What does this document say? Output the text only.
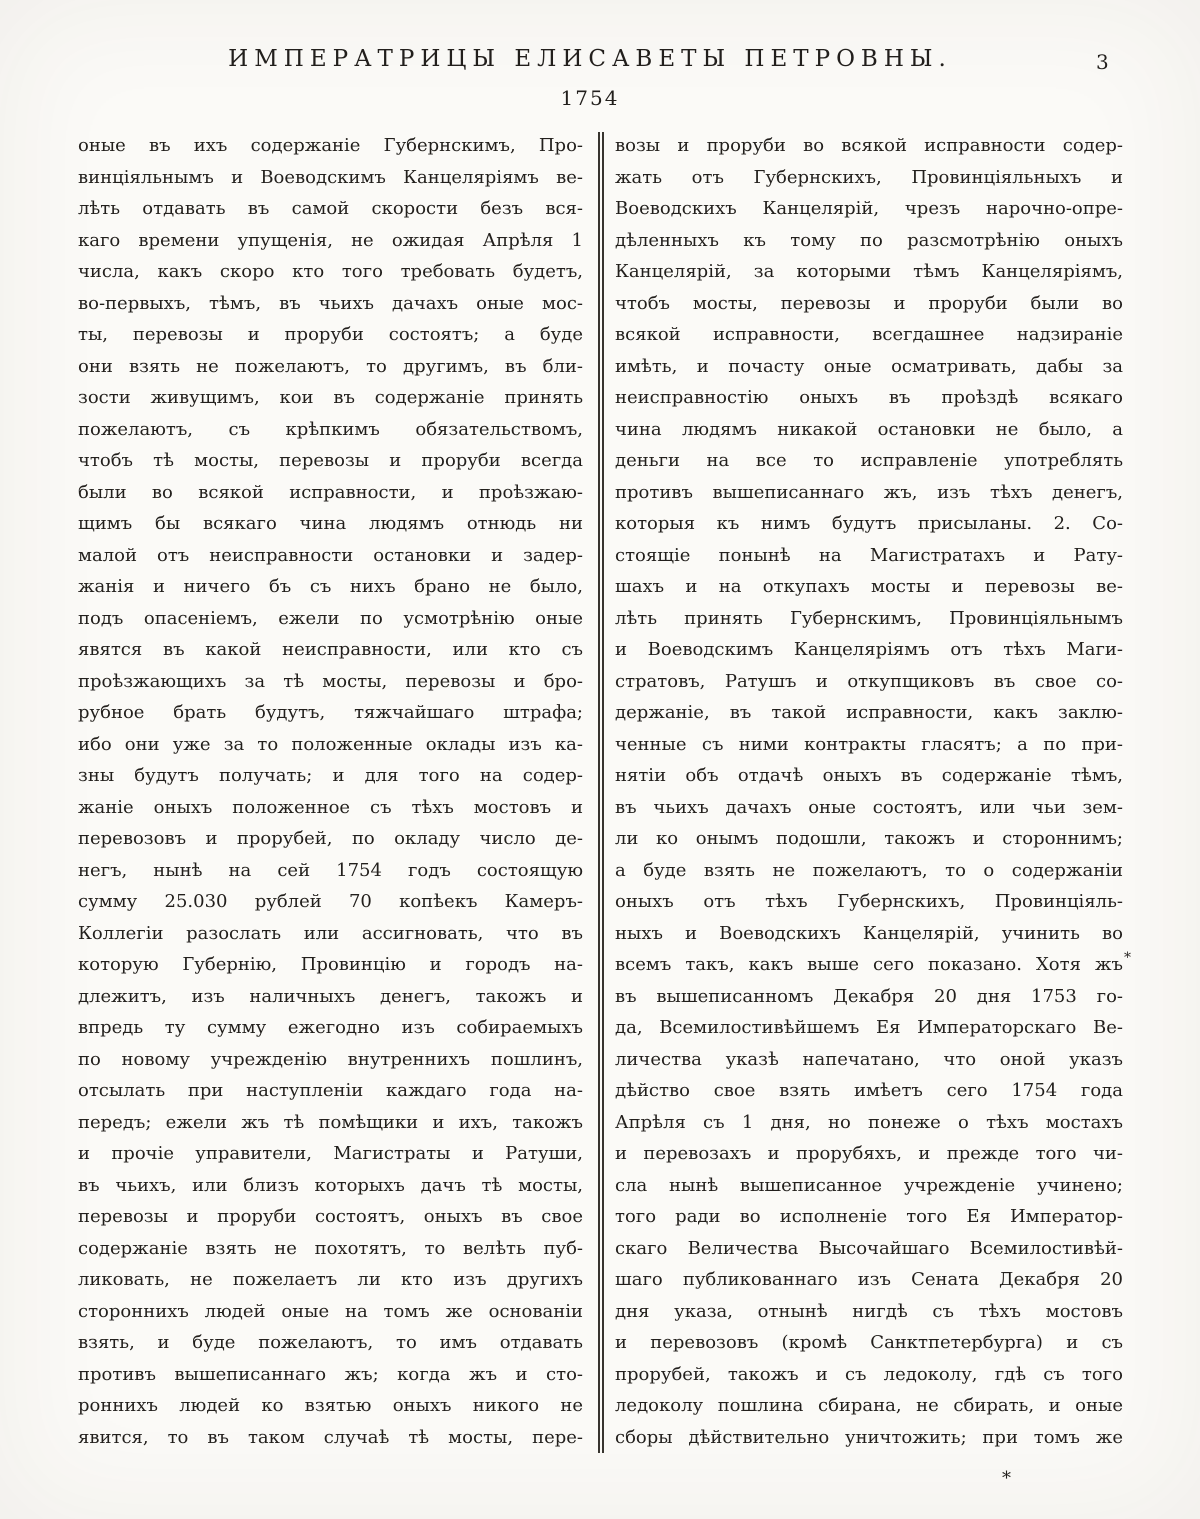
ИМПЕРАТРИЦЫ ЕЛИСАВЕТЫ ПЕТРОВНЫ.	3
1754
оные въ ихъ содержаніе Губернскимъ, Про-
винціяльнымъ и Воеводскимъ Канцеляріямъ ве-
лѣть отдавать въ самой скорости безъ вся-
каго времени упущенія, не ожидая Апрѣля 1
числа, какъ скоро кто того требовать будетъ,
во-первыхъ, тѣмъ, въ чьихъ дачахъ оные мос-
ты, перевозы и проруби состоятъ; а буде
они взять не пожелаютъ, то другимъ, въ бли-
зости живущимъ, кои въ содержаніе принять
пожелаютъ, съ крѣпкимъ обязательствомъ,
чтобъ тѣ мосты, перевозы и проруби всегда
были во всякой исправности, и проѣзжаю-
щимъ бы всякаго чина людямъ отнюдь ни
малой отъ неисправности остановки и задер-
жанія и ничего бъ съ нихъ брано не было,
подъ опасеніемъ, ежели по усмотрѣнію оные
явятся въ какой неисправности, или кто съ
проѣзжающихъ за тѣ мосты, перевозы и бро-
рубное брать будутъ, тяжчайшаго штрафа;
ибо они уже за то положенные оклады изъ ка-
зны будутъ получать; и для того на содер-
жаніе оныхъ положенное съ тѣхъ мостовъ и
перевозовъ и прорубей, по окладу число де-
негъ, нынѣ на сей 1754 годъ состоящую
сумму 25.030 рублей 70 копѣекъ Камеръ-
Коллегіи разослать или ассигновать, что въ
которую Губернію, Провинцію и городъ на-
длежитъ, изъ наличныхъ денегъ, такожъ и
впредь ту сумму ежегодно изъ собираемыхъ
по новому учрежденію внутреннихъ пошлинъ,
отсылать при наступленіи каждаго года на-
передъ; ежели жъ тѣ помѣщики и ихъ, такожъ
и прочіе управители, Магистраты и Ратуши,
въ чьихъ, или близъ которыхъ дачъ тѣ мосты,
перевозы и проруби состоятъ, оныхъ въ свое
содержаніе взять не похотятъ, то велѣть пуб-
ликовать, не пожелаетъ ли кто изъ другихъ
стороннихъ людей оные на томъ же основаніи
взять, и буде пожелаютъ, то имъ отдавать
противъ вышеписаннаго жъ; когда жъ и сто-
роннихъ людей ко взятью оныхъ никого не
явится, то въ таком случаѣ тѣ мосты, пере-
возы и проруби во всякой исправности содер-
жать отъ Губернскихъ, Провинціяльныхъ и
Воеводскихъ Канцелярій, чрезъ нарочно-опре-
дѣленныхъ къ тому по разсмотрѣнію оныхъ
Канцелярій, за которыми тѣмъ Канцеляріямъ,
чтобъ мосты, перевозы и проруби были во
всякой исправности, всегдашнее надзираніе
имѣть, и почасту оные осматривать, дабы за
неисправностію оныхъ въ проѣздѣ всякаго
чина людямъ никакой остановки не было, а
деньги на все то исправленіе употреблять
противъ вышеписаннаго жъ, изъ тѣхъ денегъ,
которыя къ нимъ будутъ присыланы. 2. Со-
стоящіе понынѣ на Магистратахъ и Рату-
шахъ и на откупахъ мосты и перевозы ве-
лѣть принять Губернскимъ, Провинціяльнымъ
и Воеводскимъ Канцеляріямъ отъ тѣхъ Маги-
стратовъ, Ратушъ и откупщиковъ въ свое со-
держаніе, въ такой исправности, какъ заклю-
ченные съ ними контракты гласятъ; а по при-
нятіи объ отдачѣ оныхъ въ содержаніе тѣмъ,
въ чьихъ дачахъ оные состоятъ, или чьи зем-
ли ко онымъ подошли, такожъ и стороннимъ;
а буде взять не пожелаютъ, то о содержаніи
оныхъ отъ тѣхъ Губернскихъ, Провинціяль-
ныхъ и Воеводскихъ Канцелярій, учинить во
всемъ такъ, какъ выше сего показано. Хотя жъ
въ вышеписанномъ Декабря 20 дня 1753 го-
да, Всемилостивѣйшемъ Ея Императорскаго Ве-
личества указѣ напечатано, что оной указъ
дѣйство свое взять имѣетъ сего 1754 года
Апрѣля съ 1 дня, но понеже о тѣхъ мостахъ
и перевозахъ и прорубяхъ, и прежде того чи-
сла нынѣ вышеписанное учрежденіе учинено;
того ради во исполненіе того Ея Император-
скаго Величества Высочайшаго Всемилостивѣй-
шаго публикованнаго изъ Сената Декабря 20
дня указа, отнынѣ нигдѣ съ тѣхъ мостовъ
и перевозовъ (кромѣ Санктпетербурга) и съ
прорубей, такожъ и съ ледоколу, гдѣ съ того
ледоколу пошлина сбирана, не сбирать, и оные
сборы дѣйствительно уничтожить; при томъ же
*
*
